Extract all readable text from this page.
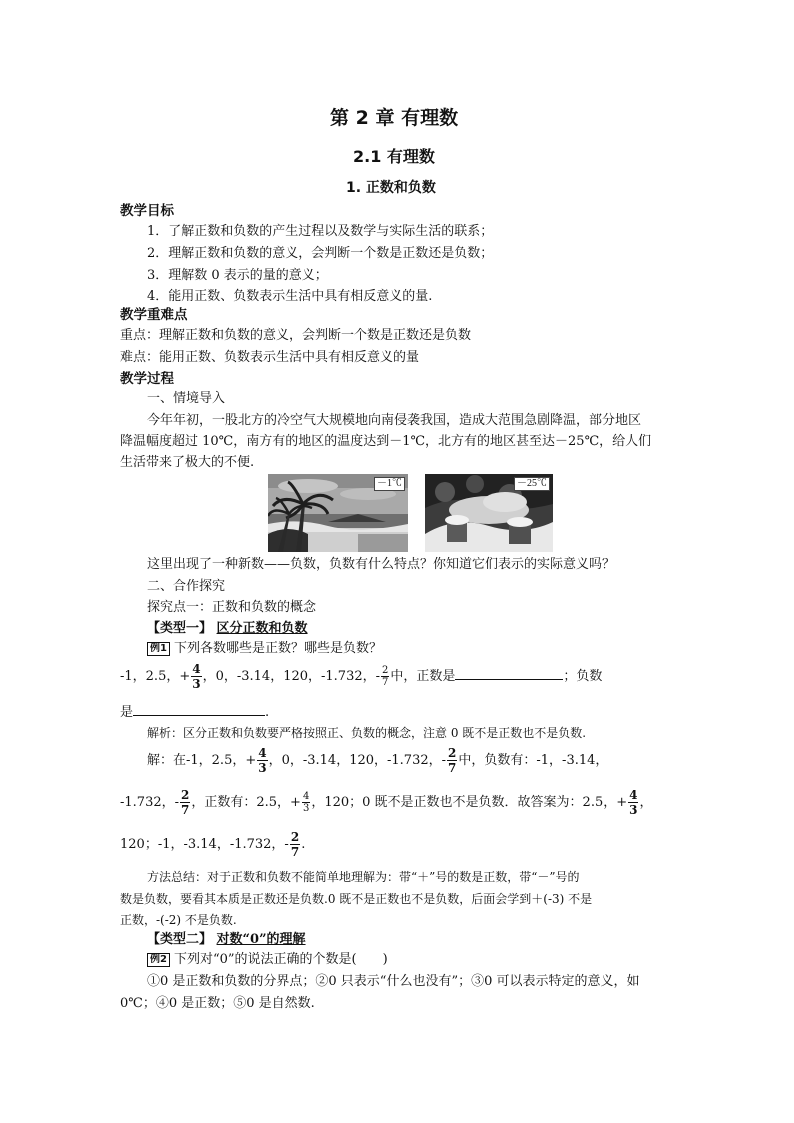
第 2 章 有理数
2.1 有理数
1. 正数和负数
教学目标
1．了解正数和负数的产生过程以及数学与实际生活的联系；
2．理解正数和负数的意义，会判断一个数是正数还是负数；
3．理解数 0 表示的量的意义；
4．能用正数、负数表示生活中具有相反意义的量.
教学重难点
重点：理解正数和负数的意义，会判断一个数是正数还是负数
难点：能用正数、负数表示生活中具有相反意义的量
教学过程
一、情境导入
今年年初，一股北方的冷空气大规模地向南侵袭我国，造成大范围急剧降温，部分地区
降温幅度超过 10℃，南方有的地区的温度达到－1℃，北方有的地区甚至达－25℃，给人们
生活带来了极大的不便.
－1℃	－25℃
这里出现了一种新数——负数，负数有什么特点？你知道它们表示的实际意义吗？
二、合作探究
探究点一：正数和负数的概念
【类型一】 区分正数和负数
例1 下列各数哪些是正数？哪些是负数？
-1，2.5，+ $\frac{4}{3}$ ，0，-3.14，120，-1.732，- $\frac{2}{7}$ 中，正数是	；负数
是	.
解析：区分正数和负数要严格按照正、负数的概念，注意 0 既不是正数也不是负数.
解：在-1，2.5，+ $\frac{4}{3}$ ，0，-3.14，120，-1.732，- $\frac{2}{7}$ 中，负数有：-1，-3.14，
-1.732，- $\frac{2}{7}$ ，正数有：2.5，+ $\frac{4}{3}$ ，120；0 既不是正数也不是负数．故答案为：2.5，+ $\frac{4}{3}$ ，
120；-1，-3.14，-1.732，- $\frac{2}{7}$ .
方法总结：对于正数和负数不能简单地理解为：带“＋”号的数是正数，带“－”号的
数是负数，要看其本质是正数还是负数.0 既不是正数也不是负数，后面会学到＋(-3) 不是
正数，-(-2) 不是负数.
【类型二】 对数“0”的理解
例2 下列对“0”的说法正确的个数是(　　)
①0 是正数和负数的分界点；②0 只表示“什么也没有”；③0 可以表示特定的意义，如
0℃；④0 是正数；⑤0 是自然数.
